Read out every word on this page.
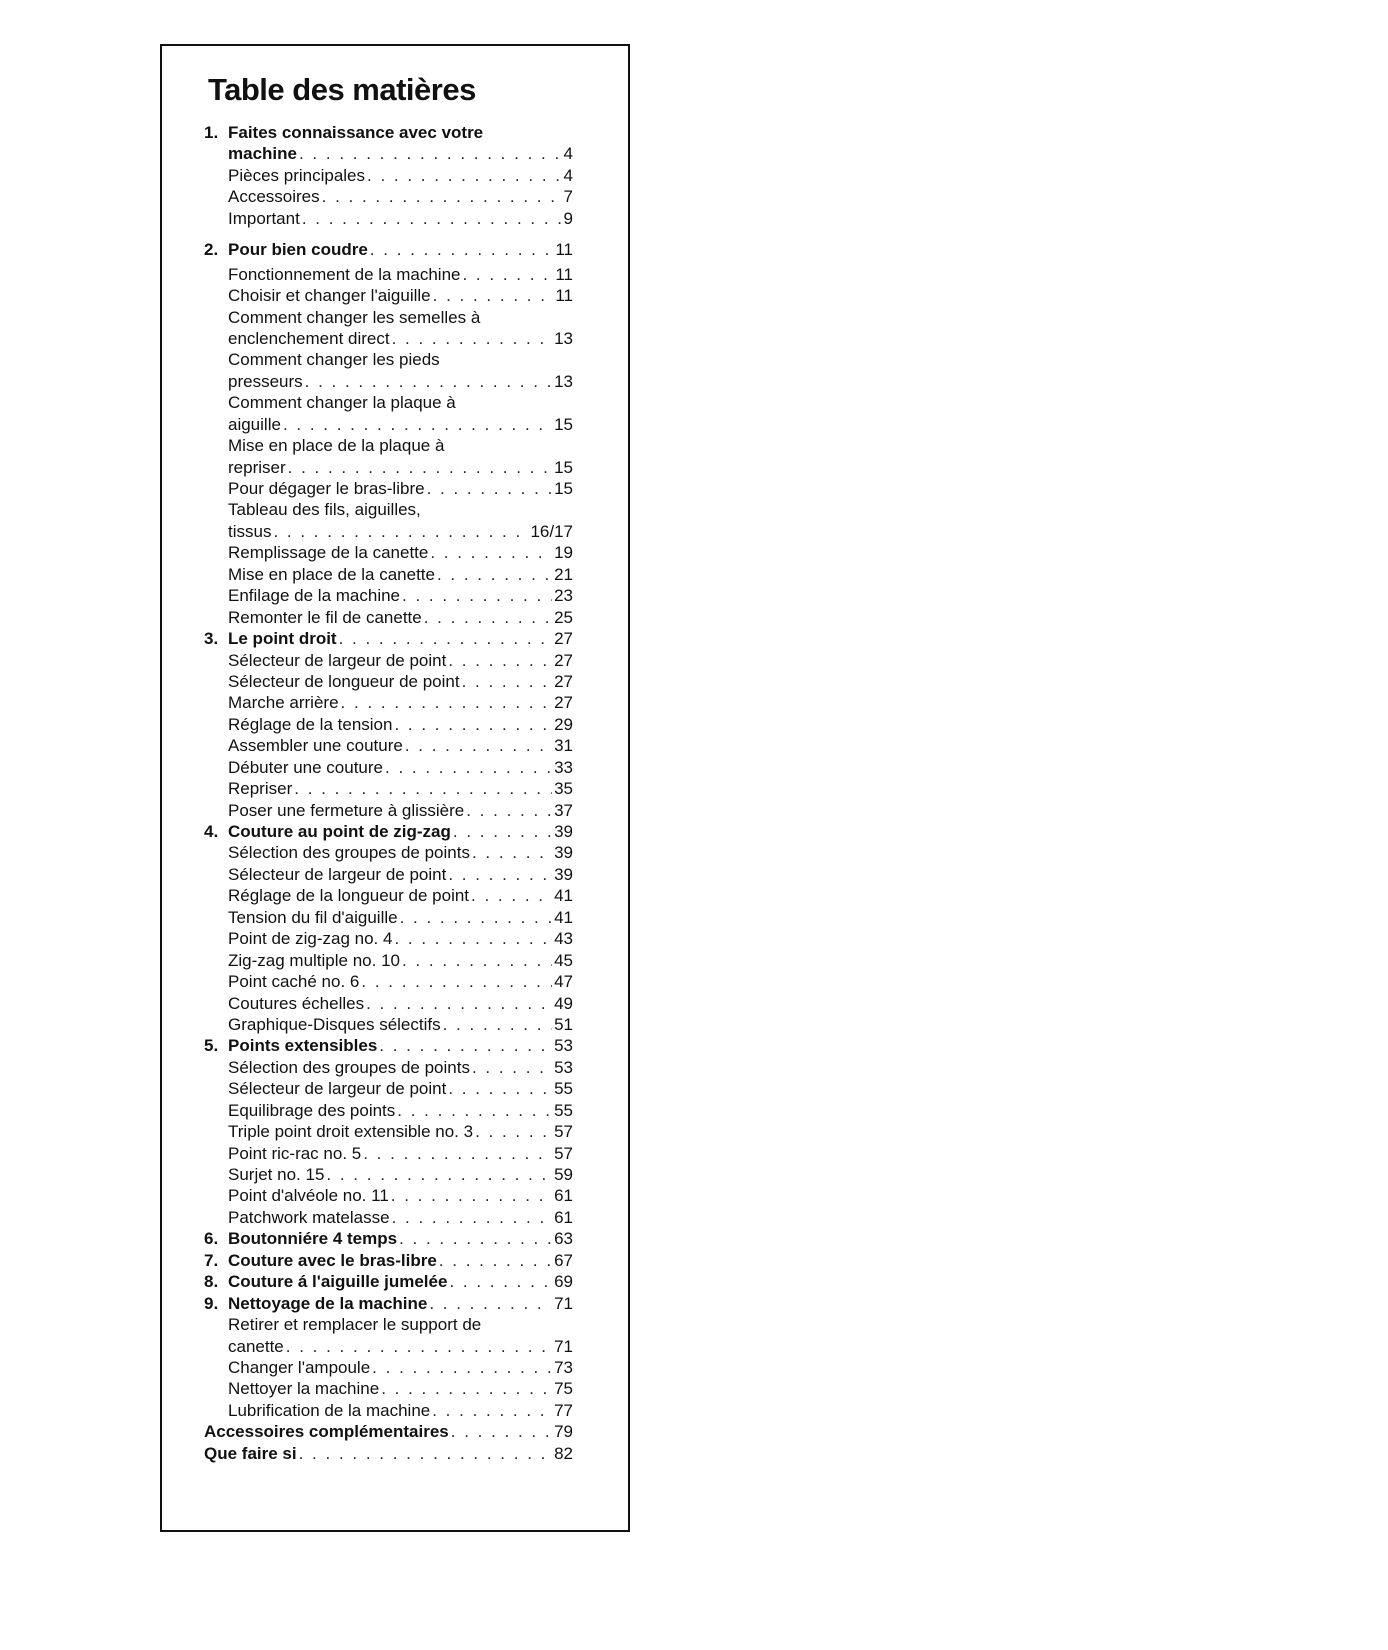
Table des matières
1. Faites connaissance avec votre
machine . . .	4
Pièces principales . . .	4
Accessoires . . .	7
Important . . .	9
2. Pour bien coudre . . .	11
Fonctionnement de la machine . . .	11
Choisir et changer l'aiguille . . .	11
Comment changer les semelles à
enclenchement direct . . .	13
Comment changer les pieds
presseurs . . .	13
Comment changer la plaque à
aiguille . . .	15
Mise en place de la plaque à
repriser . . .	15
Pour dégager le bras-libre . . .	15
Tableau des fils, aiguilles,
tissus . . .	16/17
Remplissage de la canette . . .	19
Mise en place de la canette . . .	21
Enfilage de la machine . . .	23
Remonter le fil de canette . . .	25
3. Le point droit . . .	27
Sélecteur de largeur de point . . .	27
Sélecteur de longueur de point . . .	27
Marche arrière . . .	27
Réglage de la tension . . .	29
Assembler une couture . . .	31
Débuter une couture . . .	33
Repriser . . .	35
Poser une fermeture à glissière . . .	37
4. Couture au point de zig-zag . . .	39
Sélection des groupes de points . . .	39
Sélecteur de largeur de point . . .	39
Réglage de la longueur de point . . .	41
Tension du fil d'aiguille . . .	41
Point de zig-zag no. 4 . . .	43
Zig-zag multiple no. 10 . . .	45
Point caché no. 6 . . .	47
Coutures échelles . . .	49
Graphique-Disques sélectifs . . .	51
5. Points extensibles . . .	53
Sélection des groupes de points . . .	53
Sélecteur de largeur de point . . .	55
Equilibrage des points . . .	55
Triple point droit extensible no. 3 . . .	57
Point ric-rac no. 5 . . .	57
Surjet no. 15 . . .	59
Point d'alvéole no. 11 . . .	61
Patchwork matelasse . . .	61
6. Boutonniére 4 temps . . .	63
7. Couture avec le bras-libre . . .	67
8. Couture á l'aiguille jumelée . . .	69
9. Nettoyage de la machine . . .	71
Retirer et remplacer le support de
canette . . .	71
Changer l'ampoule . . .	73
Nettoyer la machine . . .	75
Lubrification de la machine . . .	77
Accessoires complémentaires . . .	79
Que faire si . . .	82
